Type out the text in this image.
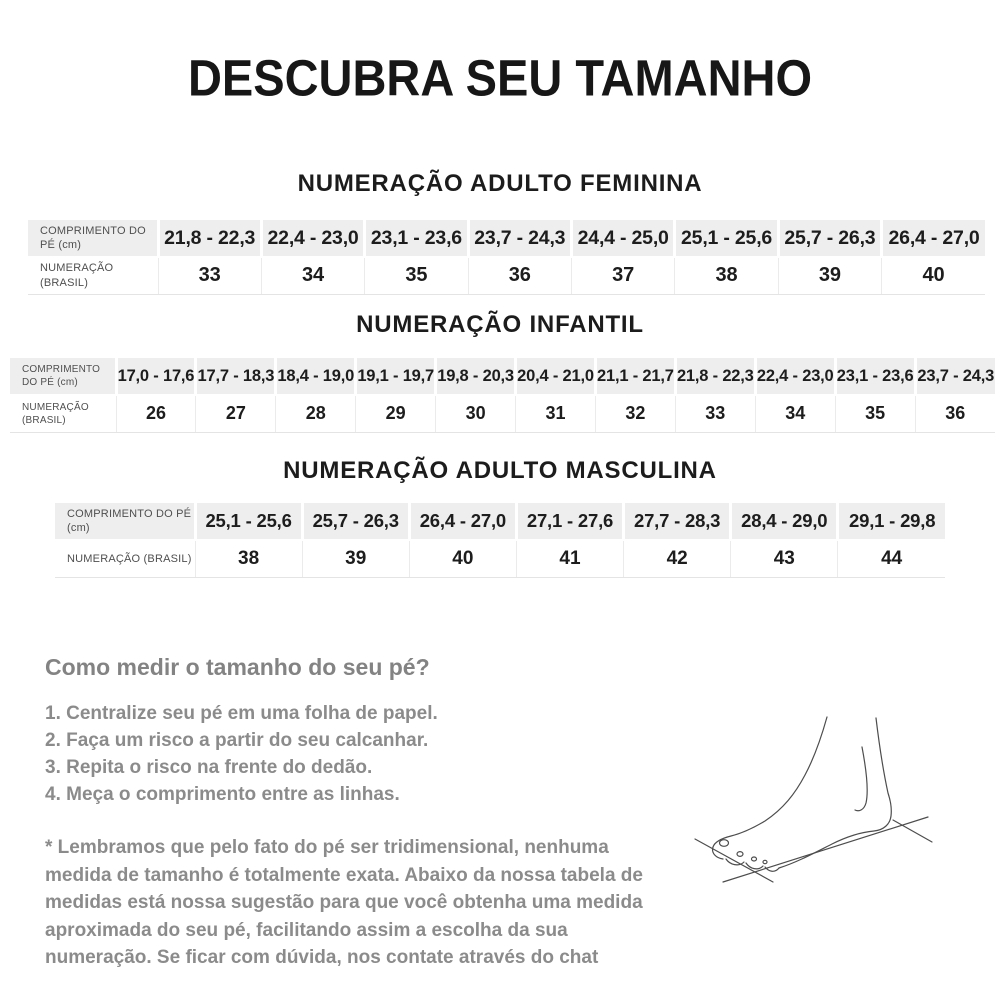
DESCUBRA SEU TAMANHO
NUMERAÇÃO ADULTO FEMININA
COMPRIMENTO DO PÉ (cm)	21,8 - 22,3	22,4 - 23,0	23,1 - 23,6	23,7 - 24,3	24,4 - 25,0	25,1 - 25,6	25,7 - 26,3	26,4 - 27,0
NUMERAÇÃO (BRASIL)	33	34	35	36	37	38	39	40
NUMERAÇÃO INFANTIL
COMPRIMENTO DO PÉ (cm)	17,0 - 17,6	17,7 - 18,3	18,4 - 19,0	19,1 - 19,7	19,8 - 20,3	20,4 - 21,0	21,1 - 21,7	21,8 - 22,3	22,4 - 23,0	23,1 - 23,6	23,7 - 24,3
NUMERAÇÃO (BRASIL)	26	27	28	29	30	31	32	33	34	35	36
NUMERAÇÃO ADULTO MASCULINA
COMPRIMENTO DO PÉ (cm)	25,1 - 25,6	25,7 - 26,3	26,4 - 27,0	27,1 - 27,6	27,7 - 28,3	28,4 - 29,0	29,1 - 29,8
NUMERAÇÃO (BRASIL)	38	39	40	41	42	43	44
Como medir o tamanho do seu pé?
1. Centralize seu pé em uma folha de papel.
2. Faça um risco a partir do seu calcanhar.
3. Repita o risco na frente do dedão.
4. Meça o comprimento entre as linhas.

* Lembramos que pelo fato do pé ser tridimensional, nenhuma medida de tamanho é totalmente exata. Abaixo da nossa tabela de medidas está nossa sugestão para que você obtenha uma medida aproximada do seu pé, facilitando assim a escolha da sua numeração. Se ficar com dúvida, nos contate através do chat
